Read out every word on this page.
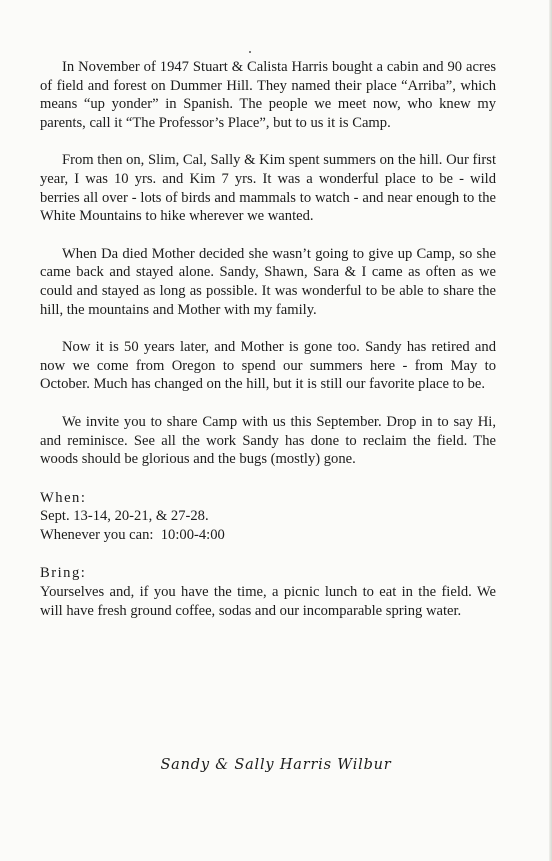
In November of 1947 Stuart & Calista Harris bought a cabin and 90 acres of field and forest on Dummer Hill. They named their place “Arriba”, which means “up yonder” in Spanish. The people we meet now, who knew my parents, call it “The Professor’s Place”, but to us it is Camp.

From then on, Slim, Cal, Sally & Kim spent summers on the hill. Our first year, I was 10 yrs. and Kim 7 yrs. It was a wonderful place to be - wild berries all over - lots of birds and mammals to watch - and near enough to the White Mountains to hike wherever we wanted.

When Da died Mother decided she wasn’t going to give up Camp, so she came back and stayed alone. Sandy, Shawn, Sara & I came as often as we could and stayed as long as possible. It was wonderful to be able to share the hill, the mountains and Mother with my family.

Now it is 50 years later, and Mother is gone too. Sandy has retired and now we come from Oregon to spend our summers here - from May to October. Much has changed on the hill, but it is still our favorite place to be.

We invite you to share Camp with us this September. Drop in to say Hi, and reminisce. See all the work Sandy has done to reclaim the field. The woods should be glorious and the bugs (mostly) gone.

When:

Sept. 13-14, 20-21, & 27-28.

Whenever you can:  10:00-4:00

Bring:

Yourselves and, if you have the time, a picnic lunch to eat in the field. We will have fresh ground coffee, sodas and our incomparable spring water.

Sandy & Sally Harris Wilbur
